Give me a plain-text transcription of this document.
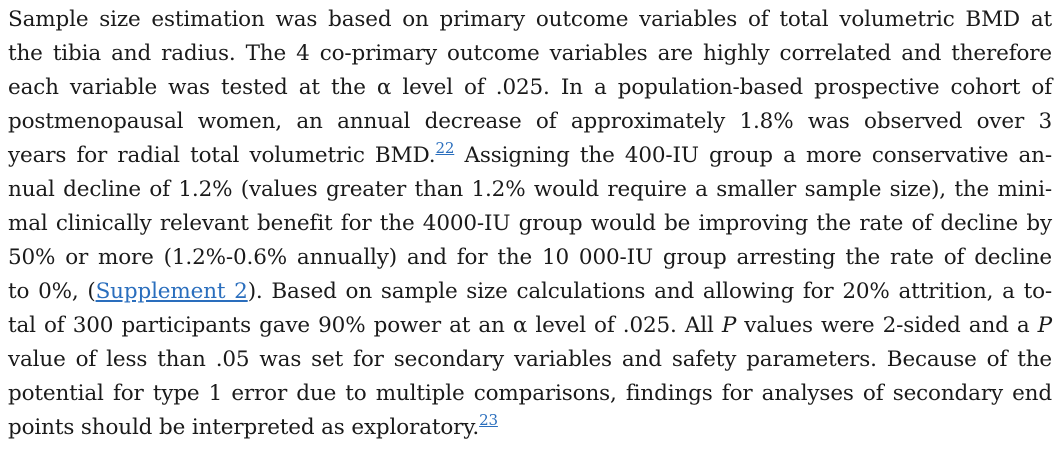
Sample size estimation was based on primary outcome variables of total volumetric BMD at
the tibia and radius. The 4 co-primary outcome variables are highly correlated and therefore
each variable was tested at the α level of .025. In a population-based prospective cohort of
postmenopausal women, an annual decrease of approximately 1.8% was observed over 3
years for radial total volumetric BMD.$^{22}$ Assigning the 400-IU group a more conservative an-
nual decline of 1.2% (values greater than 1.2% would require a smaller sample size), the mini-
mal clinically relevant benefit for the 4000-IU group would be improving the rate of decline by
50% or more (1.2%-0.6% annually) and for the 10 000-IU group arresting the rate of decline
to 0%, (Supplement 2). Based on sample size calculations and allowing for 20% attrition, a to-
tal of 300 participants gave 90% power at an α level of .025. All P values were 2-sided and a P
value of less than .05 was set for secondary variables and safety parameters. Because of the
potential for type 1 error due to multiple comparisons, findings for analyses of secondary end
points should be interpreted as exploratory.$^{23}$
